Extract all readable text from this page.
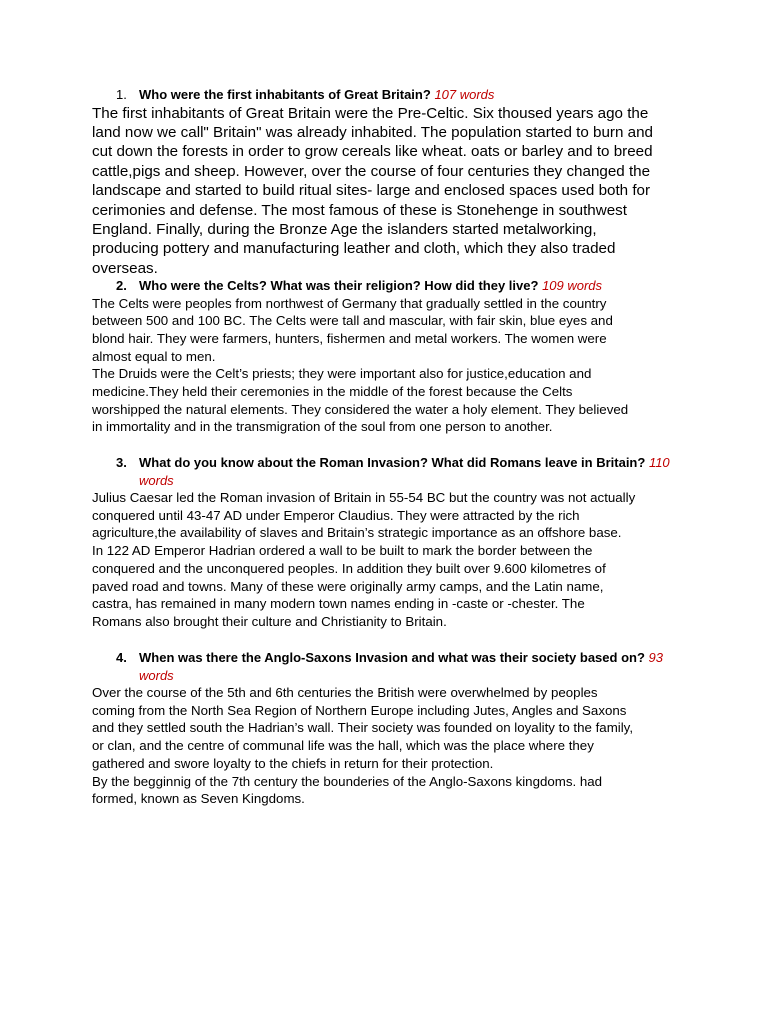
1. Who were the first inhabitants of Great Britain? 107 words
The first inhabitants of Great Britain were the Pre-Celtic. Six thoused years ago the
land now we call" Britain" was already inhabited. The population started to burn and
cut down the forests in order to grow cereals like wheat. oats or barley and to breed
cattle,pigs and sheep. However, over the course of four centuries they changed the
landscape and started to build ritual sites- large and enclosed spaces used both for
cerimonies and defense. The most famous of these is Stonehenge in southwest
England. Finally, during the Bronze Age the islanders started metalworking,
producing pottery and manufacturing leather and cloth, which they also traded
overseas.
2. Who were the Celts? What was their religion? How did they live? 109 words
The Celts were peoples from northwest of Germany that gradually settled in the country
between 500 and 100 BC. The Celts were tall and mascular, with fair skin, blue eyes and
blond hair. They were farmers, hunters, fishermen and metal workers. The women were
almost equal to men.
The Druids were the Celt’s priests; they were important also for justice,education and
medicine.They held their ceremonies in the middle of the forest because the Celts
worshipped the natural elements. They considered the water a holy element. They believed
in immortality and in the transmigration of the soul from one person to another.
3. What do you know about the Roman Invasion? What did Romans leave in Britain? 110 words
Julius Caesar led the Roman invasion of Britain in 55-54 BC but the country was not actually
conquered until 43-47 AD under Emperor Claudius. They were attracted by the rich
agriculture,the availability of slaves and Britain’s strategic importance as an offshore base.
In 122 AD Emperor Hadrian ordered a wall to be built to mark the border between the
conquered and the unconquered peoples. In addition they built over 9.600 kilometres of
paved road and towns. Many of these were originally army camps, and the Latin name,
castra, has remained in many modern town names ending in -caste or -chester. The
Romans also brought their culture and Christianity to Britain.
4. When was there the Anglo-Saxons Invasion and what was their society based on? 93 words
Over the course of the 5th and 6th centuries the British were overwhelmed by peoples
coming from the North Sea Region of Northern Europe including Jutes, Angles and Saxons
and they settled south the Hadrian’s wall. Their society was founded on loyality to the family,
or clan, and the centre of communal life was the hall, which was the place where they
gathered and swore loyalty to the chiefs in return for their protection.
By the begginnig of the 7th century the bounderies of the Anglo-Saxons kingdoms. had
formed, known as Seven Kingdoms.
